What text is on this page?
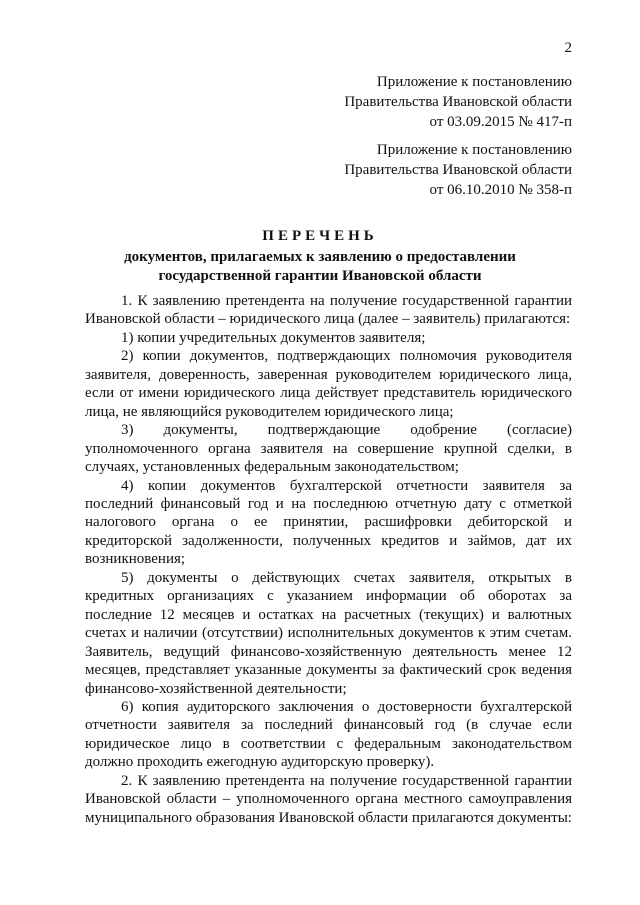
2
Приложение к постановлению
Правительства Ивановской области
от 03.09.2015 № 417-п
Приложение к постановлению
Правительства Ивановской области
от 06.10.2010 № 358-п
ПЕРЕЧЕНЬ
документов, прилагаемых к заявлению о предоставлении
государственной гарантии Ивановской области

1. К заявлению претендента на получение государственной гарантии Ивановской области – юридического лица (далее – заявитель) прилагаются:

1) копии учредительных документов заявителя;

2) копии документов, подтверждающих полномочия руководителя заявителя, доверенность, заверенная руководителем юридического лица, если от имени юридического лица действует представитель юридического лица, не являющийся руководителем юридического лица;

3) документы, подтверждающие одобрение (согласие) уполномоченного органа заявителя на совершение крупной сделки, в случаях, установленных федеральным законодательством;

4) копии документов бухгалтерской отчетности заявителя за последний финансовый год и на последнюю отчетную дату с отметкой налогового органа о ее принятии, расшифровки дебиторской и кредиторской задолженности, полученных кредитов и займов, дат их возникновения;

5) документы о действующих счетах заявителя, открытых в кредитных организациях с указанием информации об оборотах за последние 12 месяцев и остатках на расчетных (текущих) и валютных счетах и наличии (отсутствии) исполнительных документов к этим счетам. Заявитель, ведущий финансово-хозяйственную деятельность менее 12 месяцев, представляет указанные документы за фактический срок ведения финансово-хозяйственной деятельности;

6) копия аудиторского заключения о достоверности бухгалтерской отчетности заявителя за последний финансовый год (в случае если юридическое лицо в соответствии с федеральным законодательством должно проходить ежегодную аудиторскую проверку).

2. К заявлению претендента на получение государственной гарантии Ивановской области – уполномоченного органа местного самоуправления муниципального образования Ивановской области прилагаются документы:
